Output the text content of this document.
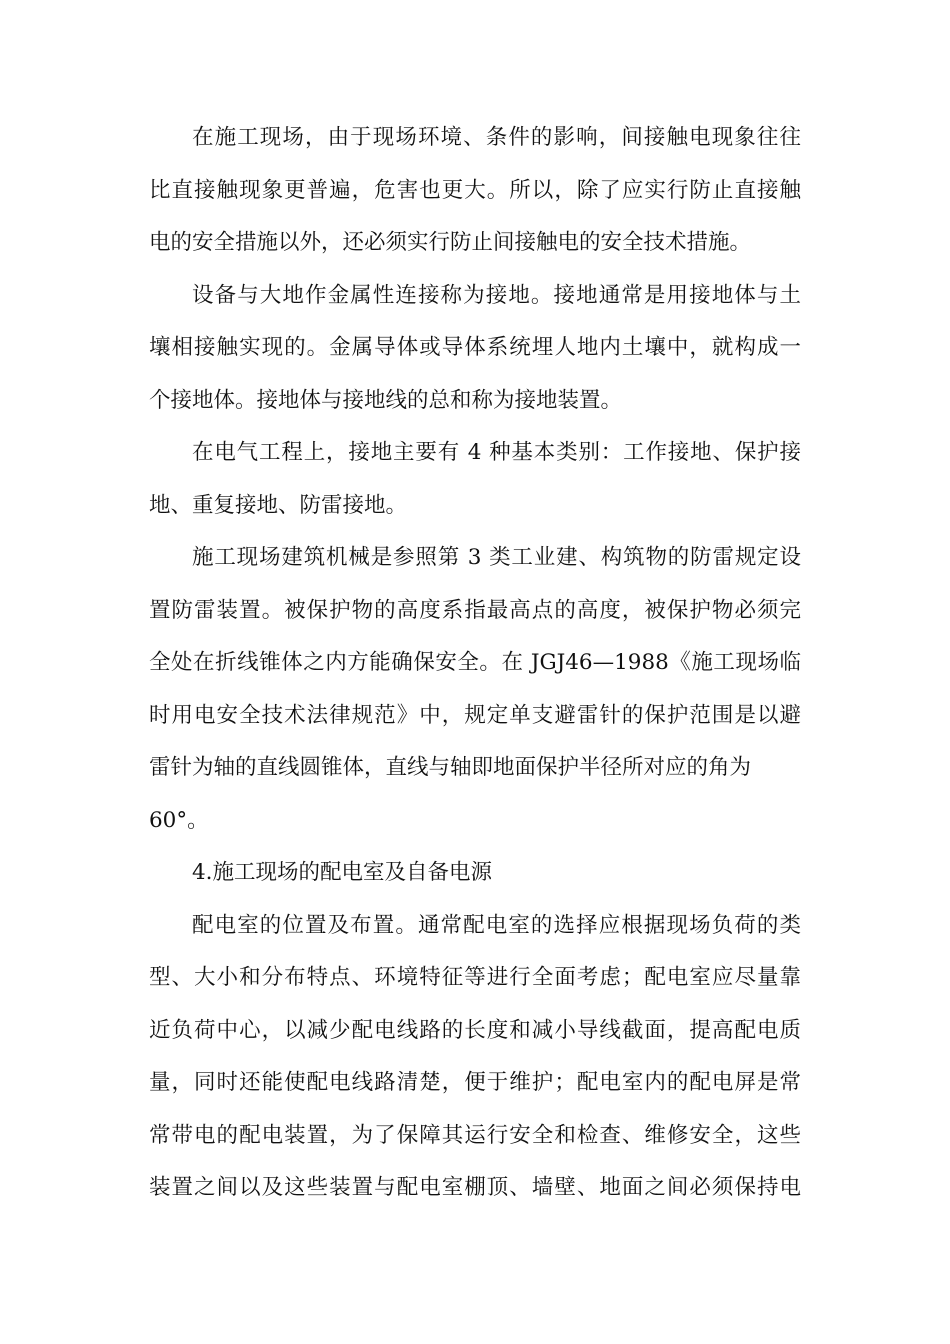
在施工现场，由于现场环境、条件的影响，间接触电现象往往
比直接触现象更普遍，危害也更大。所以，除了应实行防止直接触
电的安全措施以外，还必须实行防止间接触电的安全技术措施。
设备与大地作金属性连接称为接地。接地通常是用接地体与土
壤相接触实现的。金属导体或导体系统埋人地内土壤中，就构成一
个接地体。接地体与接地线的总和称为接地装置。
在电气工程上，接地主要有 4 种基本类别：工作接地、保护接
地、重复接地、防雷接地。
施工现场建筑机械是参照第 3 类工业建、构筑物的防雷规定设
置防雷装置。被保护物的高度系指最高点的高度，被保护物必须完
全处在折线锥体之内方能确保安全。在 JGJ46—1988《施工现场临
时用电安全技术法律规范》中，规定单支避雷针的保护范围是以避
雷针为轴的直线圆锥体，直线与轴即地面保护半径所对应的角为
60°。
4.施工现场的配电室及自备电源
配电室的位置及布置。通常配电室的选择应根据现场负荷的类
型、大小和分布特点、环境特征等进行全面考虑；配电室应尽量靠
近负荷中心，以减少配电线路的长度和减小导线截面，提高配电质
量，同时还能使配电线路清楚，便于维护；配电室内的配电屏是常
常带电的配电装置，为了保障其运行安全和检查、维修安全，这些
装置之间以及这些装置与配电室棚顶、墙壁、地面之间必须保持电
